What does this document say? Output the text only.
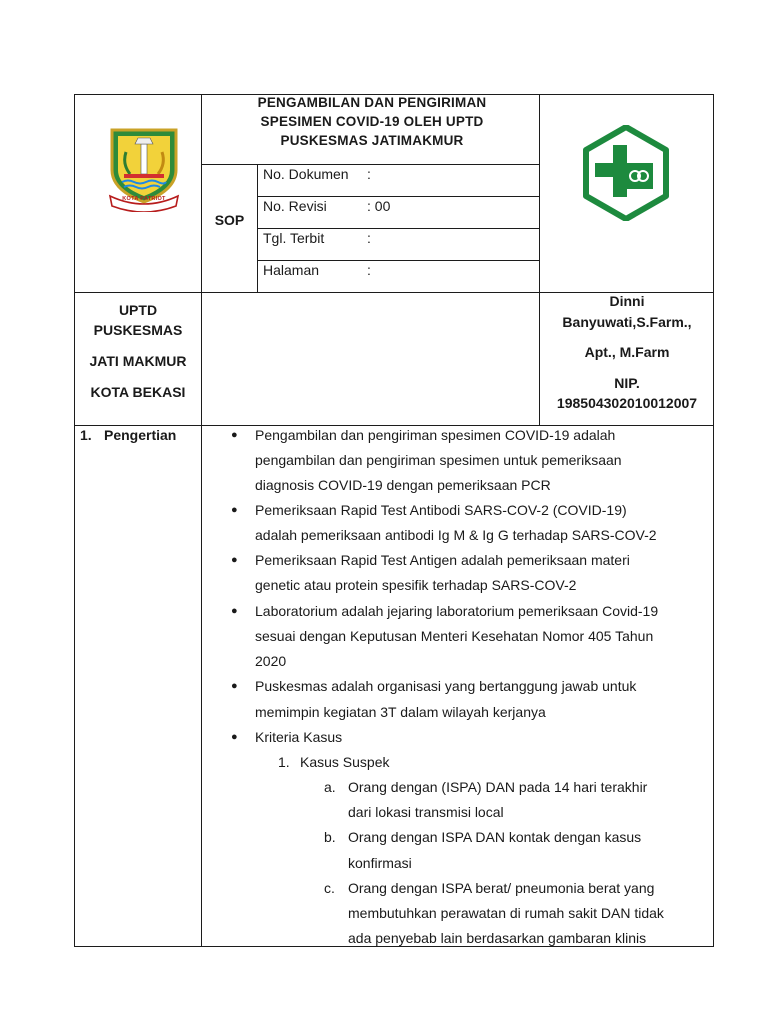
KOTA PATRIOT
PENGAMBILAN DAN PENGIRIMAN
SPESIMEN COVID-19 OLEH UPTD
PUSKESMAS JATIMAKMUR
SOP
No. Dokumen :
No. Revisi	: 00
Tgl. Terbit	:
Halaman	:
UPTD
PUSKESMAS
JATI MAKMUR
KOTA BEKASI
Dinni
Banyuwati,S.Farm.,
Apt., M.Farm
NIP.
198504302010012007
1. Pengertian	● Pengambilan dan pengiriman spesimen COVID-19 adalah
pengambilan dan pengiriman spesimen untuk pemeriksaan
diagnosis COVID-19 dengan pemeriksaan PCR
● Pemeriksaan Rapid Test Antibodi SARS-COV-2 (COVID-19)
adalah pemeriksaan antibodi Ig M & Ig G terhadap SARS-COV-2
● Pemeriksaan Rapid Test Antigen adalah pemeriksaan materi
genetic atau protein spesifik terhadap SARS-COV-2
● Laboratorium adalah jejaring laboratorium pemeriksaan Covid-19
sesuai dengan Keputusan Menteri Kesehatan Nomor 405 Tahun
2020
● Puskesmas adalah organisasi yang bertanggung jawab untuk
memimpin kegiatan 3T dalam wilayah kerjanya
● Kriteria Kasus
1. Kasus Suspek
a. Orang dengan (ISPA) DAN pada 14 hari terakhir
dari lokasi transmisi local
b. Orang dengan ISPA DAN kontak dengan kasus
konfirmasi
c. Orang dengan ISPA berat/ pneumonia berat yang
membutuhkan perawatan di rumah sakit DAN tidak
ada penyebab lain berdasarkan gambaran klinis
